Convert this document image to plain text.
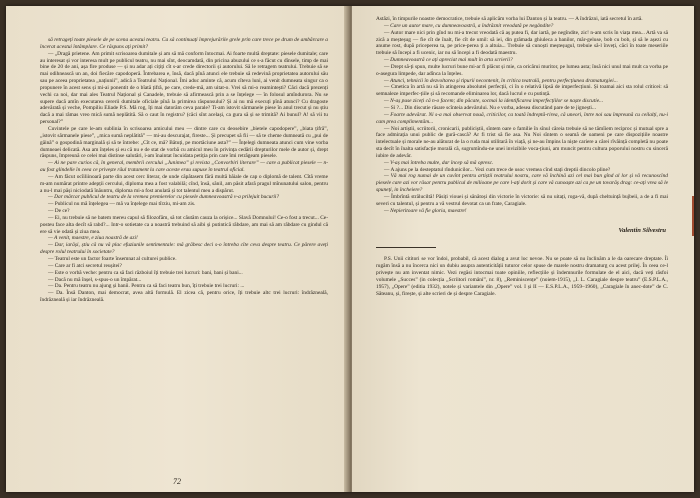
să retragețí toate piesele de pe scena acestui teatru. Ca să continuați împrejurările grele prin care trece pe drum de ambărcare a încerat acestui întâmplare. Ce răspuns ați primit?

— „Dragă prietene. Am primit scrisoarea dumitale și am să mă conform întocmai. Ai foarte multă dreptate: piesele dumitale; care au interesat și vor interesa mult pe publicul teatru, nu mai sînt, deocamdată, din pricina abuzului ce s-a făcut cu dînsele, timp de mai bine de 20 de ani, așa fire produse — și nu adar ați cițiți cît s-ar crede directorii și autorului. Să le retragem teatrului. Trebuie să se mai odihnească un an, doi fiecăre capodoperă. Întrebarea e, însă, dacă pînă atunci ele trebuie să redevină proprietatea autorului său sau pe aceea proprietatea „națiunii”, adică a Teatrului Național. Îmi aduc aminte că, acum cîteva luni, ai venit dumneata singur ca o propunere în acest sens și mi-ai ponentit de o bîată țifră, pe care, crede-mă, am uitat-o. Vrei să mi-o reamintești? Căci dacă prezenți vechi ca noi, dar mai ales Teatrul Național și Canadele, trebuie să afirmească prin a se înțelege — în folosul amîndurora. Nu se supere dacă amîn executarea cererii dumitale oficiale pînă la primirea răspunsului? Și ai nu mă execuți pînă atunci? Cu dragoste adevărată și veche, Pompiliu Eliade P.S. Mă rog, îți mai datorăm ceva parale? Ti-am istovit sărmanele piese în anul trecut și nu știu dacă a mai rămas vreo mică sumă neplătită. Să o caut în registru? (căci sînt același, ca gura să și se trimită? Ai bunul? A! să vii tu personal?”

Cuvintele pe care le-am sublinia în scrisoarea amicului meu — dintre care cu deosebire „bietele capodopere”, „biata țifră”, „istovit sărmanele piese”, „mica sumă neplătită” — mi-au descurajat, fireste... Și precupet să fii — să te cheme dumneată cu „pui de găină” o gospodină marginală și să te întrebe: „Cît ce, mă? Bătuți, pe mortăciune asta?” — Înțelegi dumneata atunci cum vine vorba dumneaei delicată. Asa am înțeles și eu că nu e de stat de vorbă cu amicul meu în privința cedării drepturilor mele de autor și, drept răspuns, împreună ce celei mai distinse salutări, i-am înaintat încuidata petiția prin care îmi retrăgeam piesele.

— Ai ne pare curios că, în general, membrii cercului „Junimea” și revista „Convorbiri literare” — care a publicat piesele — n-au fost glindelle în ceea ce privește răul tratament la care aceste erau supuse în teatrul oficial.

— Am făcut ocîiliinoară parte din acest cerc literar, de unde căpătasem fără multă băiale de cap o diplomă de talent. Cîtă vreme m-am numărat printre adepții cercului, diploma mea a fost valabilă; cînd, însă, sănil, am păsit afară pragul mînunatului salon, pentru a nu-l mai păși niciodată înăuntru, diploma mi-a fost anulată și tot talentul meu a dispărut.

— Dar mărcar publicul de teatru de la vremea premierelor cu piesele dumneavoastră v-a prilejuit bucurii?

— Publicul nu mă înțelegea — mă va înțelege mai tîrziu, mi-am zis.

— De ce?

— Ei, nu trebuie să ne batem mereu capul să filozofăm, să tot căutăm cauza la orișice... Slavă Domnului! Ce-o fost a trecut... Ce-posteu face alta decît să rabd?... Intr-o sotietate ca a noastră trebuind să aibi și putintică răbdare, am mai să am răbdare cu gindul că ere să vie odată și ziua mea.

— A venit, maestre, e ziua noastră de azi!

— Dar, iarăși, știu că nu vă plac efuziunile sentimentale: mă grăbesc deci s-o întreba cîte ceva despre teatru. Ce părere aveți despre rolul teatrului în societate?

— Teatrul este un factor foarte însemnat al culturei publice.

— Care ar fi atci secretul reușitei?

— Este o vorbă veche: pentru ca să faci războiul îți trebuie trei lucruri: bani, bani și bani...

— Dacă nu mă înșel, s-spus-o un împărat...

— Da. Pentru teatru nu ajung și banii. Pentru ca să faci teatru bun, îți trebuie trei lucruri: ...

— Da. Însă Danton, mai democrat, avea altă formulă. El zicea că, pentru orice, îți trebuie altc trei lucruri: îndrăzneală, îndrăzneală și iar îndrăzneală.

72

Astăzi, în timpurile noastre democratice, trebuie să aplicăm vorba lui Danton și la teatru. — A îndrăzni, iată secretul în artă.

— Care un autor mare, cu dumneavoastră, a îndrăznit vreodată pe negândite?

— Autor mare nici prin gînd nu mi-a trecut vreodată că aș putea fi, dar iartă, pe negîndite, zic! n-am scris în viața mea... Artă va să zică a meșteșug — fie cît de înalt, fie cît de umil: să iei, din grămada ghiuleca a banilor, măr-geluse, bob cu bob, și să le așezi cu anume rost, după priceperea ta, pe price-perea ți a altuia... Trebuie să cunoști meșteșugul, trebuie să-l înveți, căci în toate meseriile trebuie să începi a fi ucenic, iar nu să începi a fi deodată maestru.

— Dumneavoastră ce ați apreciat mai mult în arta scrierii?

— Drept să-ți spun, multe lucruri bune mi-ar fi plăcut și mie, ca oricărui muritor, pe lumea asta; însă nici unul mai mult ca vorba pe o-asegura limpede, dar adînca la înțeles.

— Atunci, tehnicii în dezvoltarea și tipurii necontenit, în critica teatrală, pentru perfecțiunea dramaturgiei...

— Cmetica în artă nu să în atingerea absolutei perfecții, ci în o relativă lipsă de imperfecțiuni. Și toamai aici sta rolul criticei: să semnaleze imperfec-țiile și să recomande eliminarea lor, dacă lucrul e cu putință.

— N-aș puse ziceți că n-o facem; din păcate, socmai la identificarea imperfecțiilor se naște discutie...

— Si ?... Din discutie răsare scînteia adevărului. Nu e vorba, adesea discutând pare de te jignești...

— Foarte adevărat. Ni s-a mai observat nouă, criticilor, ca toată îndreptă-rirea, că uneori, între noi sau împreună cu ceilalți, nu-i cam prea complimentăm...

— Noi artiștii, scriitorii, cronicarii, publiciștii, sîntem oare o familie în sînul căreia trebuie să ne tămîiem reciproc și mutual spre a face admirația unui public de gură-cască? Ar fi trist să fie asa. Nu Noi sîntem o seamă de oameni pe care dispozițiile noastre intelectuale și morale ne-au alăturat de la o ruda mai utilitară în viață, și ne-au împins la niște cariere a cărei rîvăință completă nu poate sta decît în înalta satisfacție morală că, sugrumîndu-ne unei invizibile voca-țiuni, am muncit pentru cultura poporului nostru cu sinceră iubire de adevăr.

— V-aș mai întreba multe, dar încep să mă opresc.

— A ajuns pe la desteptatul rîndunicilor... Vezi cum trece de usoc vremea cînd stați dreptii dincolo pline?

— Vă mai rog numai de un cuvînt pentru artiștii teatrului nostru, care vă închină azi cel mai bun gînd al lor și vă recunoscînd piesele care azi vor răsar pentru publicul de milioane pe care l-ați dorit și care vă cunoaște azi ca pe un tovarăș drag: ce-ați vrea să le spuneți, in încheiere?

— Îmbrîntă străluciltă! Păsiți viouei și sănătoși din victorie în victorie: să nu uitați, roga-vă, după cheltuință bujbeii, a de a fi mai severi cu talentul, și pentru a vă vestrul devotat ca un frate, Caragiale.

— Nepieritoare vă fie gloria, maestre!

Valentin Silvestru

P.S. Unii cititori se vor îndoi, probabil, că acest dialog a avut loc nevoe. Nu se poate să nu înclinăm a le da oarecare dreptate. Îi rugăm însă a nu încerca nici un dubiu asupra autenticității tuturor celor spuse de marele nostru dramaturg cu acest prilej. În ceea ce-l privește nu am inventat nimic. Vezi regăsi intocmai toate opiniile, reflecțiile și îndemnurile formulate de el aici, dacă veți răsfoi volumele „Succes” (in colecția „Scriitori români”, nr. 8), „Reminiscențe” (noiem-1915), „I. L. Caragiale despre teatru” (E.S.P.L.A., 1957), „Opere” (editia 1932), notele și variantele din „Opere” vol. I și II — E.S.P.L.A., 1959–1960), „Caragiale în anec-dote” de C. Săteanu, și, firește, și alte scrieri de și despre Caragiale.
